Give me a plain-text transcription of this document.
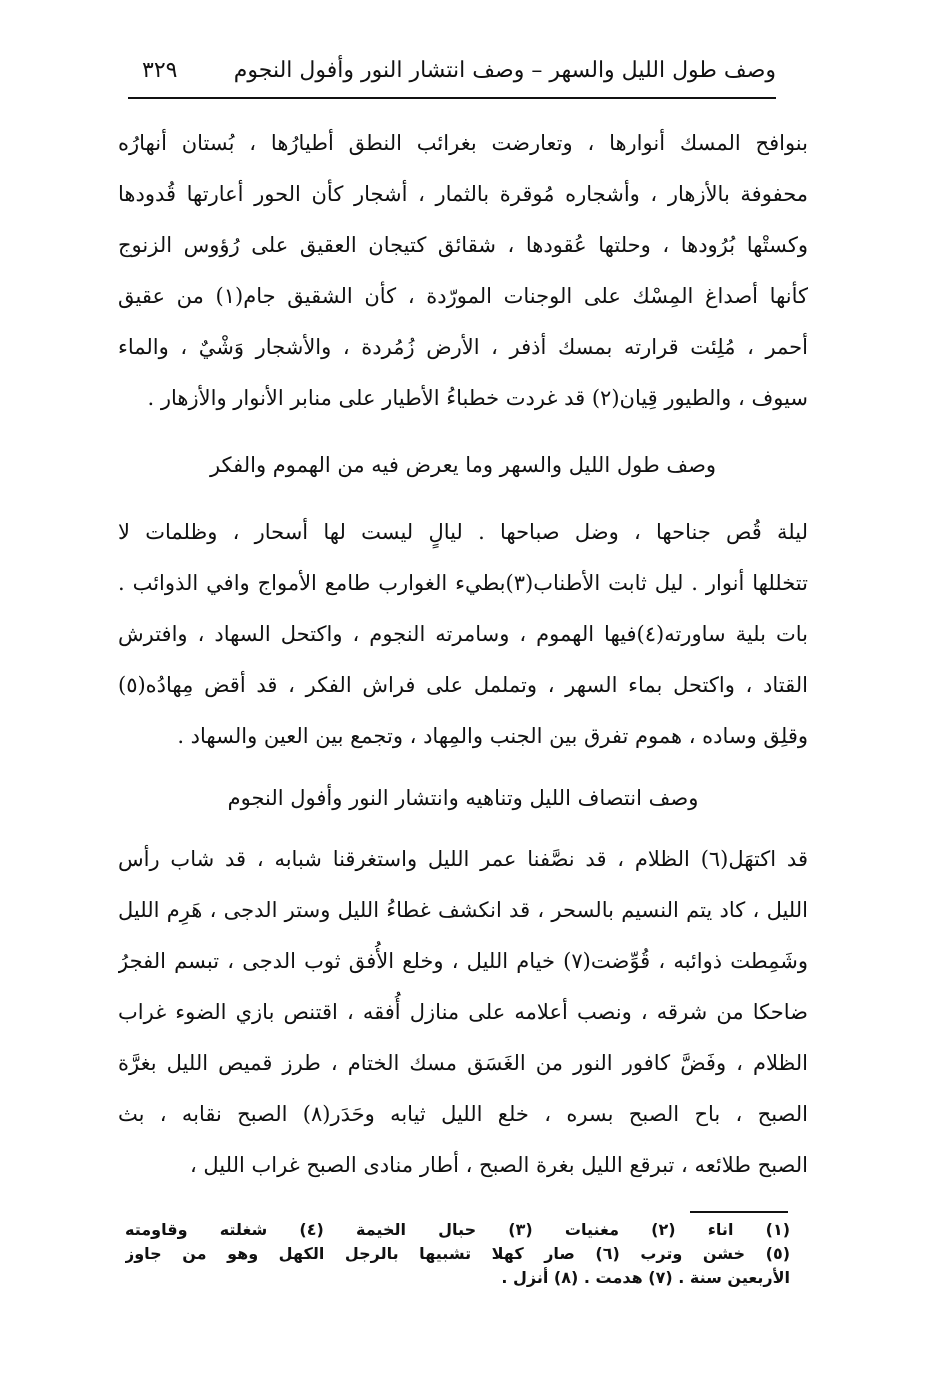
وصف طول الليل والسهر – وصف انتشار النور وأفول النجوم
٣٢٩
بنوافح المسك أنوارها ، وتعارضت بغرائب النطق أطيارُها ، بُستان أنهارُه
محفوفة بالأزهار ، وأشجاره مُوقرة بالثمار ، أشجار كأن الحور أعارتها قُدودها
وكستْها بُرُودها ، وحلتها عُقودها ، شقائق كتيجان العقيق على رُؤوس الزنوج
كأنها أصداغ المِسْك على الوجنات المورّدة ، كأن الشقيق جام(١) من عقيق
أحمر ، مُلِئت قرارته بمسك أذفر ، الأرض زُمُردة ، والأشجار وَشْيٌ ، والماء
سيوف ، والطيور قِيان(٢) قد غردت خطباءُ الأطيار على منابر الأنوار والأزهار .
وصف طول الليل والسهر وما يعرض فيه من الهموم والفكر
ليلة قُص جناحها ، وضل صباحها . ليالٍ ليست لها أسحار ، وظلمات لا
تتخللها أنوار . ليل ثابت الأطناب(٣)بطيء الغوارب طامع الأمواج وافي الذوائب .
بات بلية ساورته(٤)فيها الهموم ، وسامرته النجوم ، واكتحل السهاد ، وافترش
القتاد ، واكتحل بماء السهر ، وتململ على فراش الفكر ، قد أقض مِهادُه(٥)
وقلِق وساده ، هموم تفرق بين الجنب والمِهاد ، وتجمع بين العين والسهاد .
وصف انتصاف الليل وتناهيه وانتشار النور وأفول النجوم
قد اكتهَل(٦) الظلام ، قد نصَّفنا عمر الليل واستغرقنا شبابه ، قد شاب رأس
الليل ، كاد يتم النسيم بالسحر ، قد انكشف غطاءُ الليل وستر الدجى ، هَرِم الليل
وشَمِطت ذوائبه ، قُوِّضت(٧) خيام الليل ، وخلع الأُفق ثوب الدجى ، تبسم الفجرُ
ضاحكا من شرقه ، ونصب أعلامه على منازل أُفقه ، اقتنص بازي الضوء غراب
الظلام ، وفَضَّ كافور النور من الغَسَق مسك الختام ، طرز قميص الليل بغرَّة
الصبح ، باح الصبح بسره ، خلع الليل ثيابه وحَدَر(٨) الصبح نقابه ، بث
الصبح طلائعه ، تبرقع الليل بغرة الصبح ، أطار منادى الصبح غراب الليل ،
(١) اناء (٢) مغنيات (٣) حبال الخيمة (٤) شغلته وقاومته
(٥) خشن وترب (٦) صار كهلا تشبيها بالرجل الكهل وهو من جاوز
الأربعين سنة . (٧) هدمت . (٨) أنزل .
